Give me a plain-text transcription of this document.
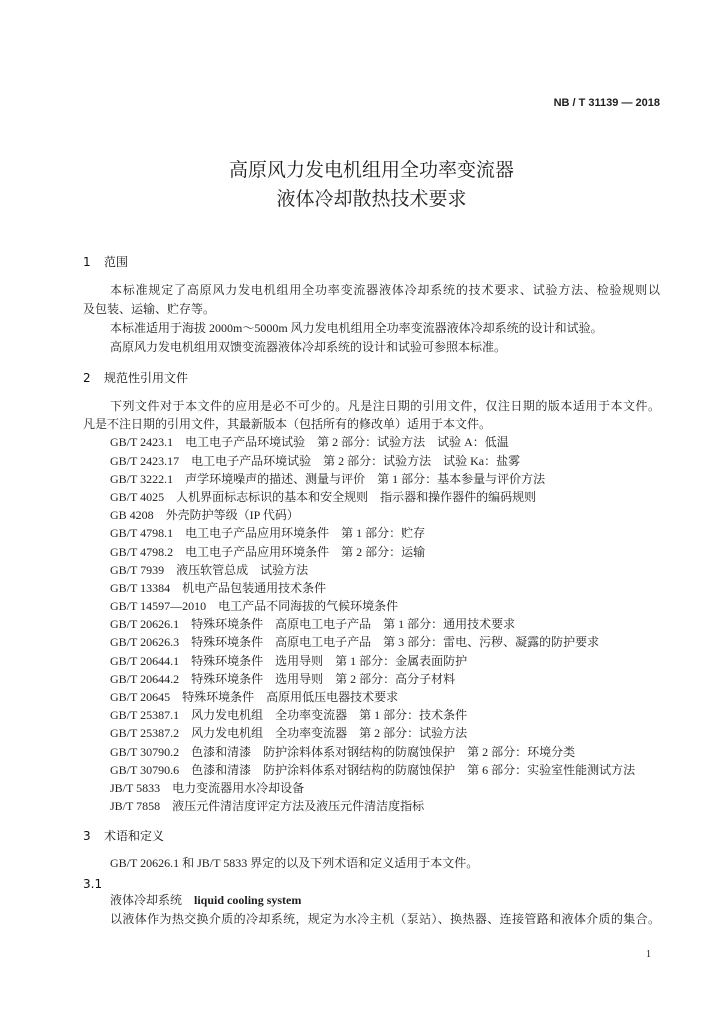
NB / T 31139 — 2018
高原风力发电机组用全功率变流器
液体冷却散热技术要求
1 范围
本标准规定了高原风力发电机组用全功率变流器液体冷却系统的技术要求、试验方法、检验规则以
及包装、运输、贮存等。
本标准适用于海拔 2000m～5000m 风力发电机组用全功率变流器液体冷却系统的设计和试验。
高原风力发电机组用双馈变流器液体冷却系统的设计和试验可参照本标准。
2 规范性引用文件
下列文件对于本文件的应用是必不可少的。凡是注日期的引用文件，仅注日期的版本适用于本文件。
凡是不注日期的引用文件，其最新版本（包括所有的修改单）适用于本文件。
GB/T 2423.1 电工电子产品环境试验　第 2 部分：试验方法　试验 A：低温
GB/T 2423.17 电工电子产品环境试验　第 2 部分：试验方法　试验 Ka：盐雾
GB/T 3222.1 声学环境噪声的描述、测量与评价　第 1 部分：基本参量与评价方法
GB/T 4025 人机界面标志标识的基本和安全规则　指示器和操作器件的编码规则
GB 4208 外壳防护等级（IP 代码）
GB/T 4798.1 电工电子产品应用环境条件　第 1 部分：贮存
GB/T 4798.2 电工电子产品应用环境条件　第 2 部分：运输
GB/T 7939 液压软管总成　试验方法
GB/T 13384 机电产品包装通用技术条件
GB/T 14597—2010 电工产品不同海拔的气候环境条件
GB/T 20626.1 特殊环境条件　高原电工电子产品　第 1 部分：通用技术要求
GB/T 20626.3 特殊环境条件　高原电工电子产品　第 3 部分：雷电、污秽、凝露的防护要求
GB/T 20644.1 特殊环境条件　选用导则　第 1 部分：金属表面防护
GB/T 20644.2 特殊环境条件　选用导则　第 2 部分：高分子材料
GB/T 20645 特殊环境条件　高原用低压电器技术要求
GB/T 25387.1 风力发电机组　全功率变流器　第 1 部分：技术条件
GB/T 25387.2 风力发电机组　全功率变流器　第 2 部分：试验方法
GB/T 30790.2 色漆和清漆　防护涂料体系对钢结构的防腐蚀保护　第 2 部分：环境分类
GB/T 30790.6 色漆和清漆　防护涂料体系对钢结构的防腐蚀保护　第 6 部分：实验室性能测试方法
JB/T 5833 电力变流器用水冷却设备
JB/T 7858 液压元件清洁度评定方法及液压元件清洁度指标
3 术语和定义
GB/T 20626.1 和 JB/T 5833 界定的以及下列术语和定义适用于本文件。
3.1
液体冷却系统 liquid cooling system
以液体作为热交换介质的冷却系统，规定为水冷主机（泵站）、换热器、连接管路和液体介质的集合。
1
